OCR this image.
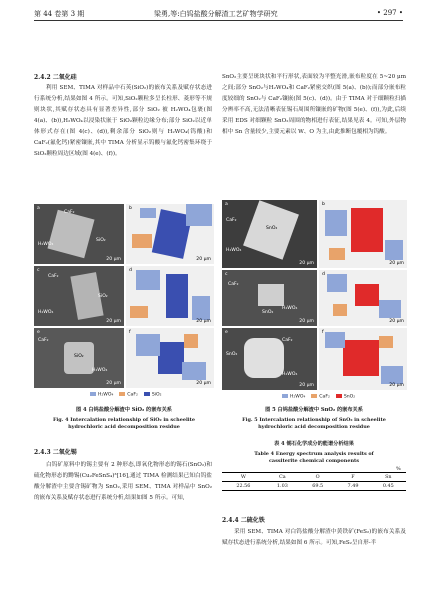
第 44 卷第 3 期	梁勇,等:白钨盐酸分解渣工艺矿物学研究	• 297 •
2.4.2 二氧化硅
利用 SEM、TIMA 对样品中石英(SiO₂)的嵌布关系及赋存状态进行系统分析,结果如图 4 所示。可知,SiO₂颗粒多呈长柱形、菱形等不规则块状,其赋存状态具有显著差异性,部分 SiO₂ 被 H₂WO₄包裹(图 4(a)、(b)),H₂WO₄以浸染状嵌于 SiO₂颗粒边缘分布;部分 SiO₂以近单体形式存在(图 4(c)、(d)),剩余部分 SiO₂则与 H₂WO₄(钨酸)和 CaF₂(氟化钙)紧密镶嵌,其中 TIMA 分析显示钨酸与氟化钙密集环绕于 SiO₂颗粒周边区域(图 4(e)、(f))。
a
CaF₂
H₂WO₄
SiO₂
20 μm
b
20 μm
c
CaF₂
H₂WO₄
SiO₂
20 μm
d
20 μm
e
CaF₂
H₂WO₄
SiO₂
20 μm
f
20 μm
H₂WO₄	CaF₂	SiO₂
图 4 白钨盐酸分解渣中 SiO₂ 的嵌布关系
Fig. 4 Intercalation relationship of SiO₂ in scheelite
hydrochloric acid decomposition residue
2.4.3 二氧化锡
白钨矿原料中的锡主要有 2 种形态,即氧化物形态的锡石(SnO₂)和硫化物形态的黝锡(Cu₂FeSnS₄)³[16],通过 TIMA 检测结果已知白钨盐酸分解渣中主要含锡矿物为 SnO₂,采用 SEM、TIMA 对样品中 SnO₂ 的嵌布关系及赋存状态进行系统分析,结果如图 5 所示。可知,
SnO₂主要呈斑块状和平行形状,表面较为平整光滑,嵌布粒度在 5~20 μm 之间;部分 SnO₂与H₂WO₄和 CaF₂紧密交织(图 5(a)、(b));而部分嵌布粒度较细的 SnO₂与 CaF₂镶嵌(图 5(c)、(d))。由于 TIMA 对于细颗粒扫描分辨率不高,无法清晰表征锡石周围所镶嵌的矿物(图 5(e)、(f)),为此,后续采用 EDS 对细颗粒 SnO₂周围的物相进行表征,结果见表 4。可知,外层物相中 Sn 含量较少,主要元素以 W、O 为主,由此推断包覆相为钨酸。
a
CaF₂
H₂WO₄
SnO₂
20 μm
b
20 μm
c
CaF₂
H₂WO₄
SnO₂
20 μm
d
20 μm
e
SnO₂
H₂WO₄
CaF₂
20 μm
f
20 μm
H₂WO₄	CaF₂	SnO₂
图 5 白钨盐酸分解渣中 SnO₂ 的嵌布关系
Fig. 5 Intercalation relationship of SnO₂ in scheelite
hydrochloric acid decomposition residue
表 4 锡石化学成分的能谱分析结果
Table 4 Energy spectrum analysis results of
cassiterite chemical components
%
W	Ca	O	F	Sn
22.56	1.03	69.5	7.49	0.45
2.4.4 二硫化铁
采用 SEM、TIMA 对白钨盐酸分解渣中黄铁矿(FeS₂)的嵌布关系及赋存状态进行系统分析,结果如图 6 所示。可知,FeS₂呈自形-半
